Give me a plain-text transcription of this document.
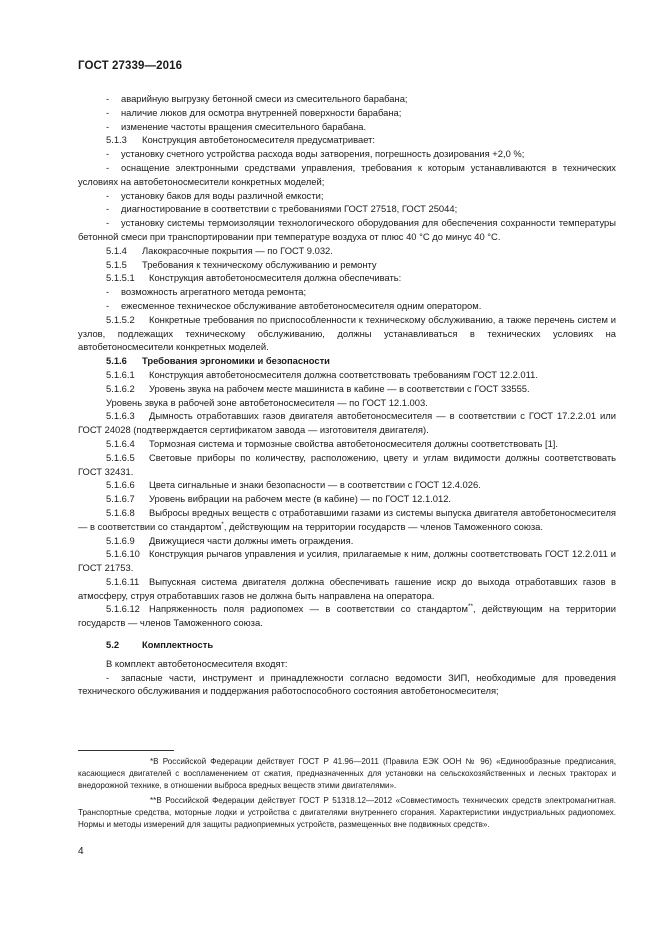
ГОСТ 27339—2016

- аварийную выгрузку бетонной смеси из смесительного барабана;

- наличие люков для осмотра внутренней поверхности барабана;

- изменение частоты вращения смесительного барабана.

5.1.3 Конструкция автобетоносмесителя предусматривает:

- установку счетного устройства расхода воды затворения, погрешность дозирования +2,0 %;

- оснащение электронными средствами управления, требования к которым устанавливаются в технических условиях на автобетоносмесители конкретных моделей;

- установку баков для воды различной емкости;

- диагностирование в соответствии с требованиями ГОСТ 27518, ГОСТ 25044;

- установку системы термоизоляции технологического оборудования для обеспечения сохранности температуры бетонной смеси при транспортировании при температуре воздуха от плюс 40 °С до минус 40 °С.

5.1.4 Лакокрасочные покрытия — по ГОСТ 9.032.

5.1.5 Требования к техническому обслуживанию и ремонту

5.1.5.1 Конструкция автобетоносмесителя должна обеспечивать:

- возможность агрегатного метода ремонта;

- ежесменное техническое обслуживание автобетоносмесителя одним оператором.

5.1.5.2 Конкретные требования по приспособленности к техническому обслуживанию, а также перечень систем и узлов, подлежащих техническому обслуживанию, должны устанавливаться в технических условиях на автобетоносмесители конкретных моделей.

5.1.6 Требования эргономики и безопасности

5.1.6.1 Конструкция автобетоносмесителя должна соответствовать требованиям ГОСТ 12.2.011.

5.1.6.2 Уровень звука на рабочем месте машиниста в кабине — в соответствии с ГОСТ 33555.

Уровень звука в рабочей зоне автобетоносмесителя — по ГОСТ 12.1.003.

5.1.6.3 Дымность отработавших газов двигателя автобетоносмесителя — в соответствии с ГОСТ 17.2.2.01 или ГОСТ 24028 (подтверждается сертификатом завода — изготовителя двигателя).

5.1.6.4 Тормозная система и тормозные свойства автобетоносмесителя должны соответствовать [1].

5.1.6.5 Световые приборы по количеству, расположению, цвету и углам видимости должны соответствовать ГОСТ 32431.

5.1.6.6 Цвета сигнальные и знаки безопасности — в соответствии с ГОСТ 12.4.026.

5.1.6.7 Уровень вибрации на рабочем месте (в кабине) — по ГОСТ 12.1.012.

5.1.6.8 Выбросы вредных веществ с отработавшими газами из системы выпуска двигателя автобетоносмесителя — в соответствии со стандартом*, действующим на территории государств — членов Таможенного союза.

5.1.6.9 Движущиеся части должны иметь ограждения.

5.1.6.10 Конструкция рычагов управления и усилия, прилагаемые к ним, должны соответствовать ГОСТ 12.2.011 и ГОСТ 21753.

5.1.6.11 Выпускная система двигателя должна обеспечивать гашение искр до выхода отработавших газов в атмосферу, струя отработавших газов не должна быть направлена на оператора.

5.1.6.12 Напряженность поля радиопомех — в соответствии со стандартом**, действующим на территории государств — членов Таможенного союза.

5.2 Комплектность

В комплект автобетоносмесителя входят:

- запасные части, инструмент и принадлежности согласно ведомости ЗИП, необходимые для проведения технического обслуживания и поддержания работоспособного состояния автобетоносмесителя;

*В Российской Федерации действует ГОСТ Р 41.96—2011 (Правила ЕЭК ООН № 96) «Единообразные предписания, касающиеся двигателей с воспламенением от сжатия, предназначенных для установки на сельскохозяйственных и лесных тракторах и внедорожной технике, в отношении выброса вредных веществ этими двигателями».

**В Российской Федерации действует ГОСТ Р 51318.12—2012 «Совместимость технических средств электромагнитная. Транспортные средства, моторные лодки и устройства с двигателями внутреннего сгорания. Характеристики индустриальных радиопомех. Нормы и методы измерений для защиты радиоприемных устройств, размещенных вне подвижных средств».

4
